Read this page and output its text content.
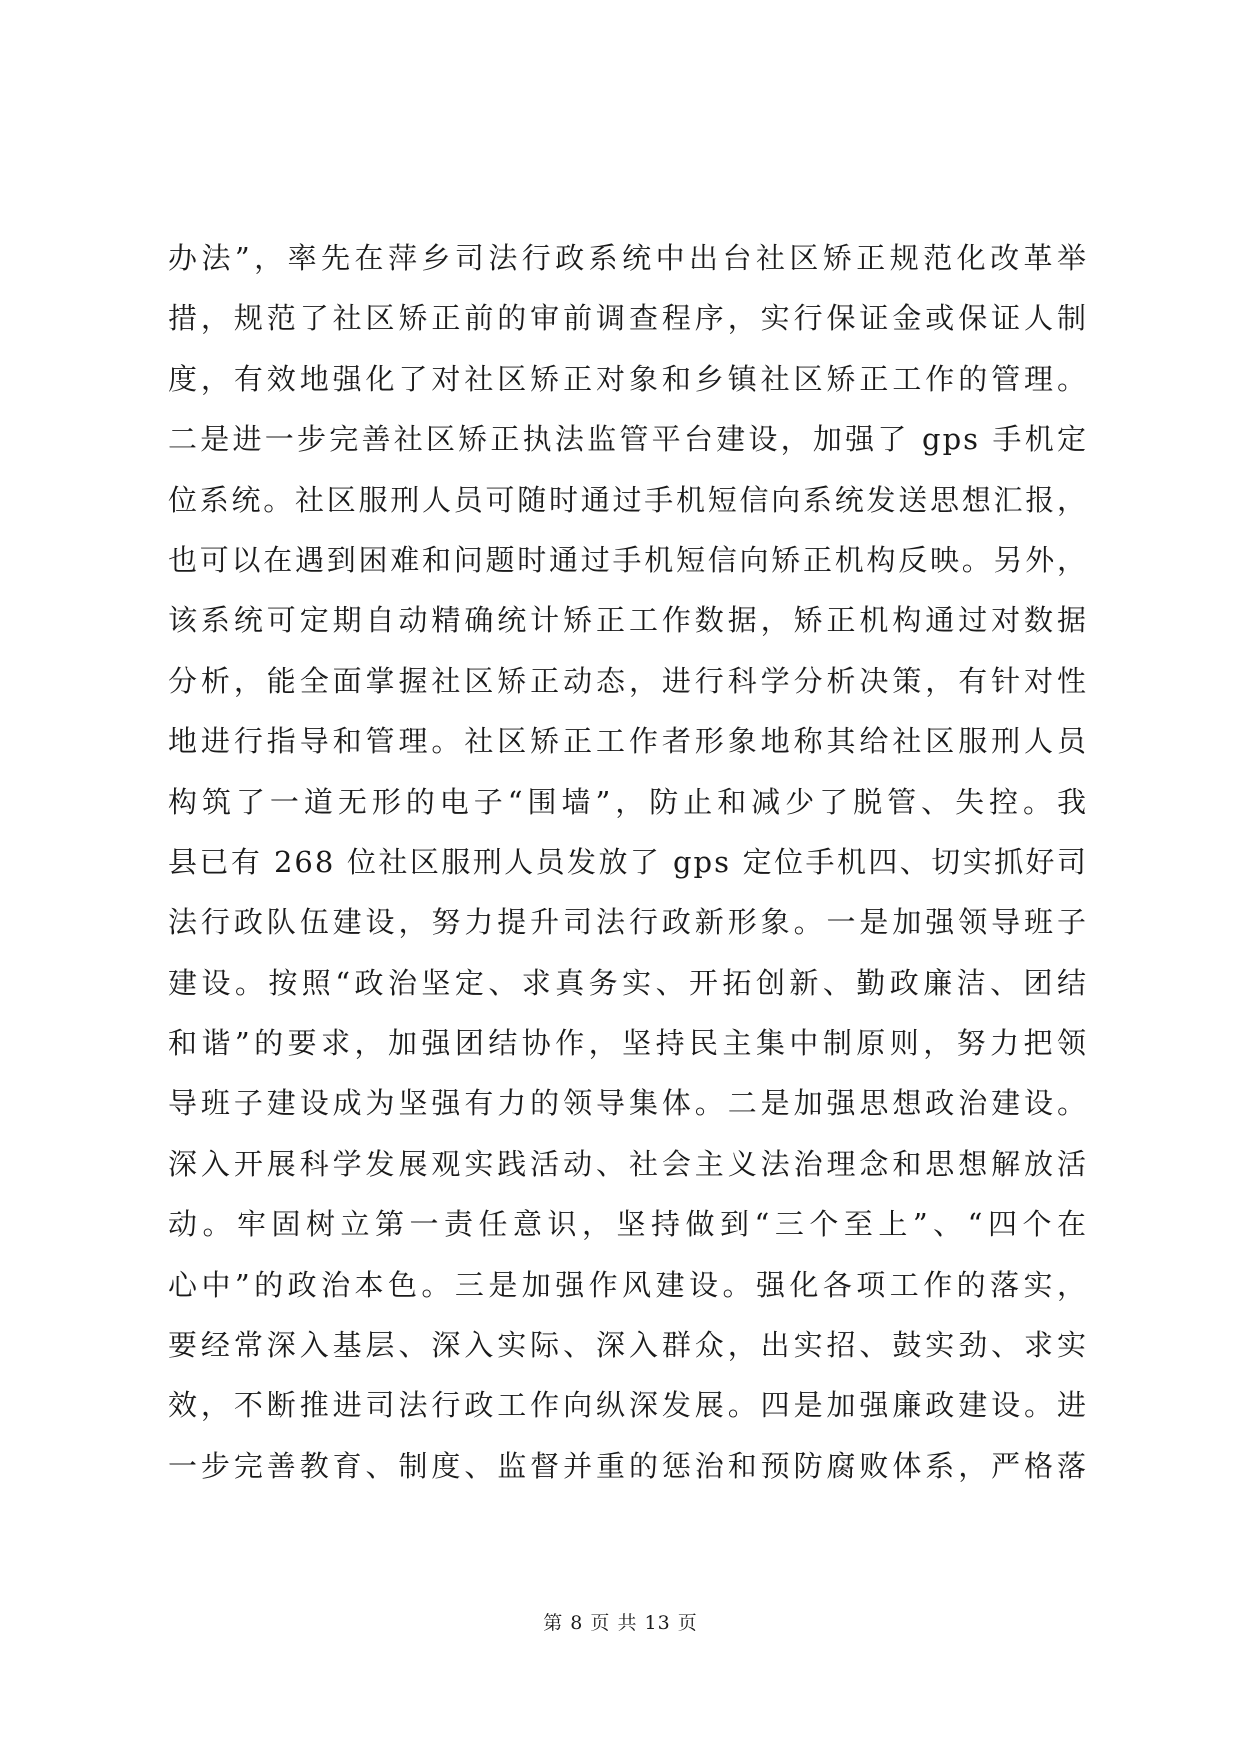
办法”，率先在萍乡司法行政系统中出台社区矫正规范化改革举
措，规范了社区矫正前的审前调查程序，实行保证金或保证人制
度，有效地强化了对社区矫正对象和乡镇社区矫正工作的管理。
二是进一步完善社区矫正执法监管平台建设，加强了 gps 手机定
位系统。社区服刑人员可随时通过手机短信向系统发送思想汇报，
也可以在遇到困难和问题时通过手机短信向矫正机构反映。另外，
该系统可定期自动精确统计矫正工作数据，矫正机构通过对数据
分析，能全面掌握社区矫正动态，进行科学分析决策，有针对性
地进行指导和管理。社区矫正工作者形象地称其给社区服刑人员
构筑了一道无形的电子“围墙”，防止和减少了脱管、失控。我
县已有 268 位社区服刑人员发放了 gps 定位手机四、切实抓好司
法行政队伍建设，努力提升司法行政新形象。一是加强领导班子
建设。按照“政治坚定、求真务实、开拓创新、勤政廉洁、团结
和谐”的要求，加强团结协作，坚持民主集中制原则，努力把领
导班子建设成为坚强有力的领导集体。二是加强思想政治建设。
深入开展科学发展观实践活动、社会主义法治理念和思想解放活
动。牢固树立第一责任意识，坚持做到“三个至上”、“四个在
心中”的政治本色。三是加强作风建设。强化各项工作的落实，
要经常深入基层、深入实际、深入群众，出实招、鼓实劲、求实
效，不断推进司法行政工作向纵深发展。四是加强廉政建设。进
一步完善教育、制度、监督并重的惩治和预防腐败体系，严格落
第 8 页 共 13 页
